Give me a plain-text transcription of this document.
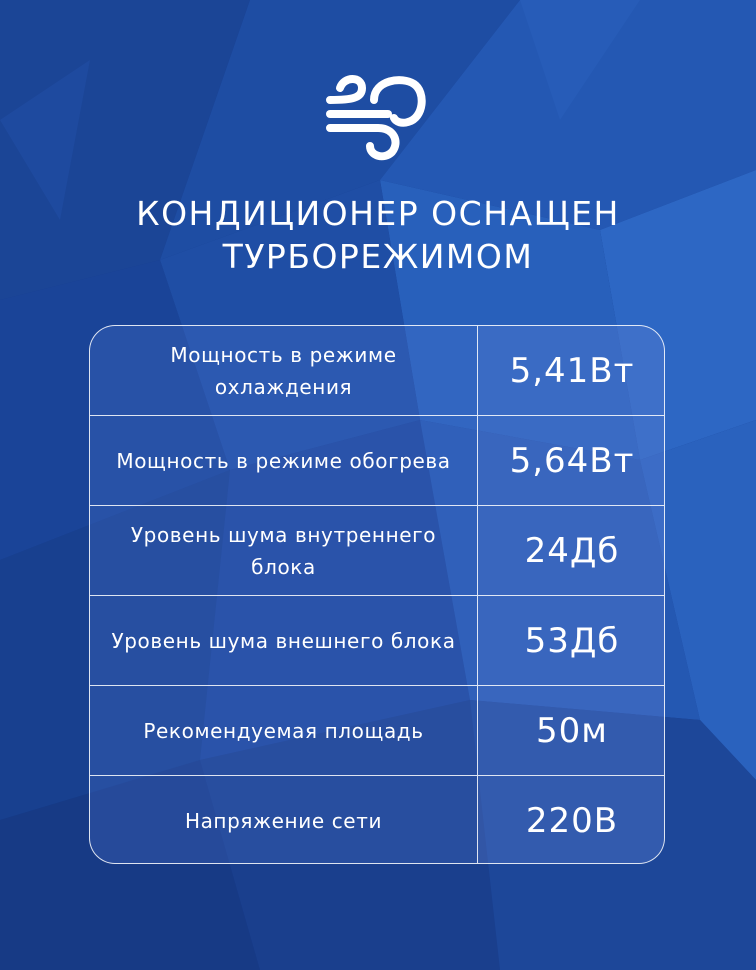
КОНДИЦИОНЕР ОСНАЩЕН
ТУРБОРЕЖИМОМ
Мощность в режиме охлаждения	5,41Вт
Мощность в режиме обогрева	5,64Вт
Уровень шума внутреннего блока	24Дб
Уровень шума внешнего блока	53Дб
Рекомендуемая площадь	50м
Напряжение сети	220В
